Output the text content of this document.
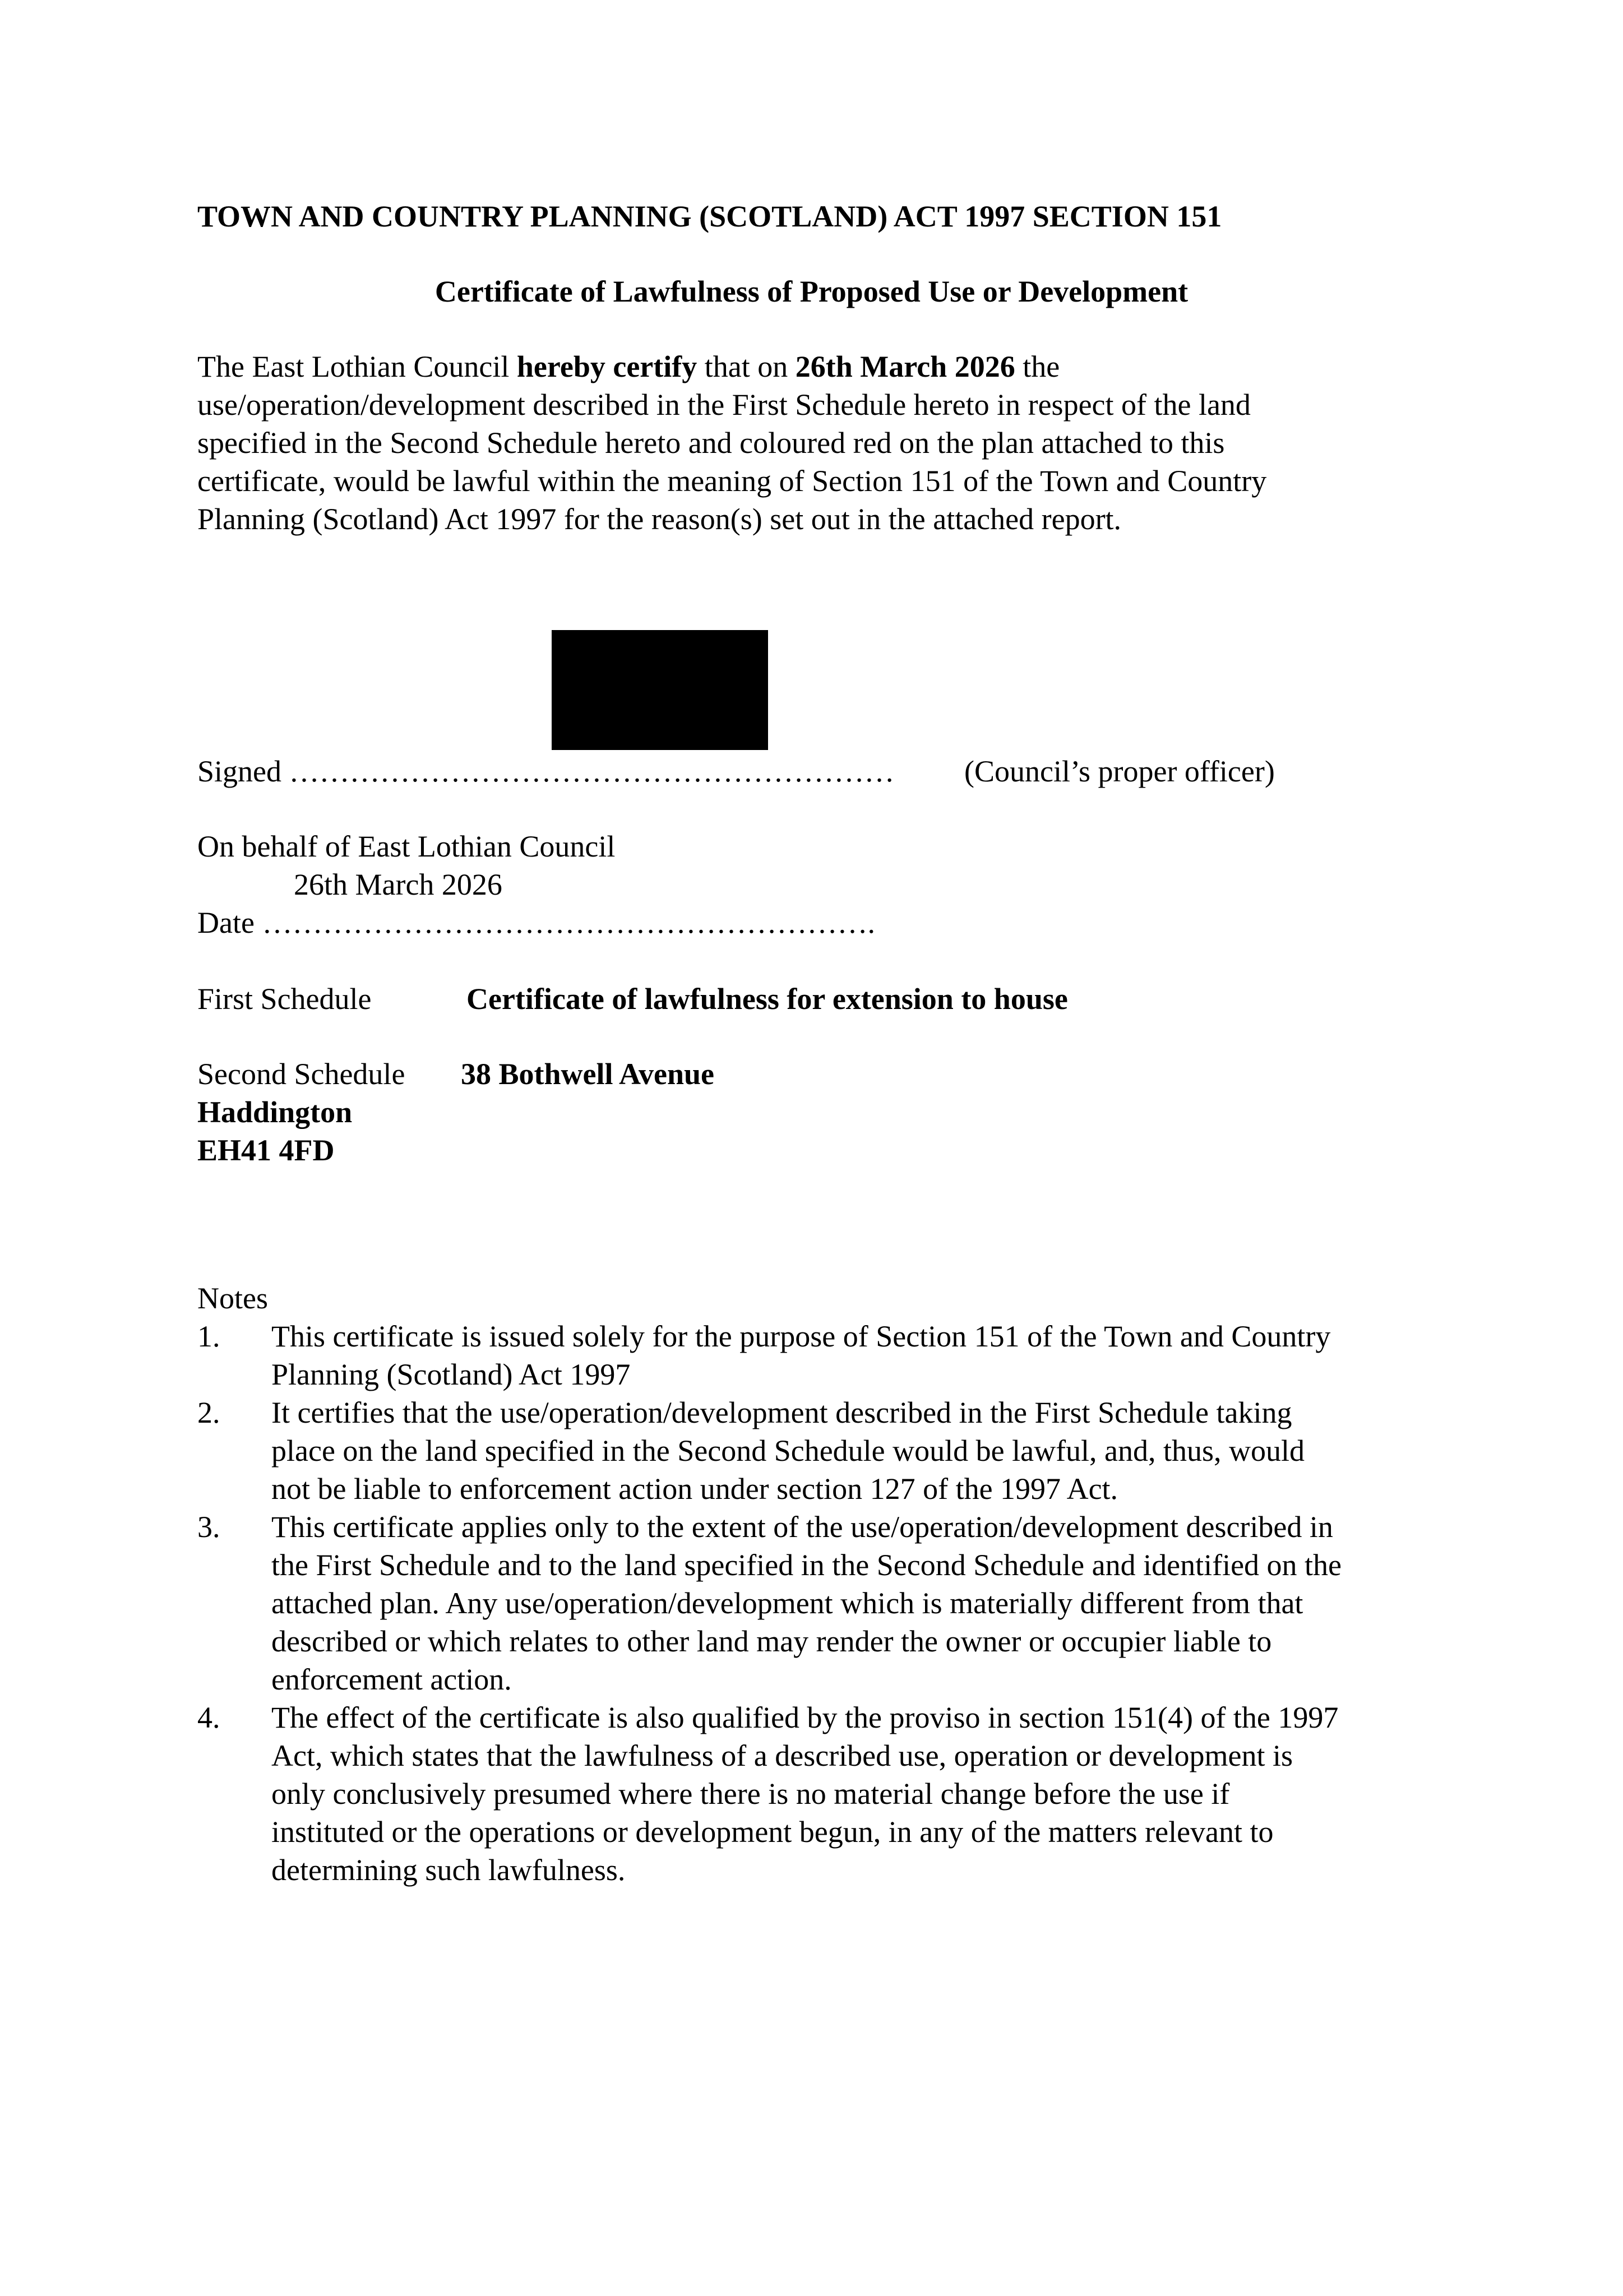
TOWN AND COUNTRY PLANNING (SCOTLAND) ACT 1997 SECTION 151
Certificate of Lawfulness of Proposed Use or Development
The East Lothian Council hereby certify that on 26th March 2026 the
use/operation/development described in the First Schedule hereto in respect of the land
specified in the Second Schedule hereto and coloured red on the plan attached to this
certificate, would be lawful within the meaning of Section 151 of the Town and Country
Planning (Scotland) Act 1997 for the reason(s) set out in the attached report.
Signed …………………………………………………… (Council’s proper officer)
On behalf of East Lothian Council
26th March 2026
Date …………………………………………………….
First Schedule	Certificate of lawfulness for extension to house
Second Schedule 38 Bothwell Avenue
Haddington
EH41 4FD
Notes
1. This certificate is issued solely for the purpose of Section 151 of the Town and Country
Planning (Scotland) Act 1997
2. It certifies that the use/operation/development described in the First Schedule taking
place on the land specified in the Second Schedule would be lawful, and, thus, would
not be liable to enforcement action under section 127 of the 1997 Act.
3. This certificate applies only to the extent of the use/operation/development described in
the First Schedule and to the land specified in the Second Schedule and identified on the
attached plan. Any use/operation/development which is materially different from that
described or which relates to other land may render the owner or occupier liable to
enforcement action.
4. The effect of the certificate is also qualified by the proviso in section 151(4) of the 1997
Act, which states that the lawfulness of a described use, operation or development is
only conclusively presumed where there is no material change before the use if
instituted or the operations or development begun, in any of the matters relevant to
determining such lawfulness.
